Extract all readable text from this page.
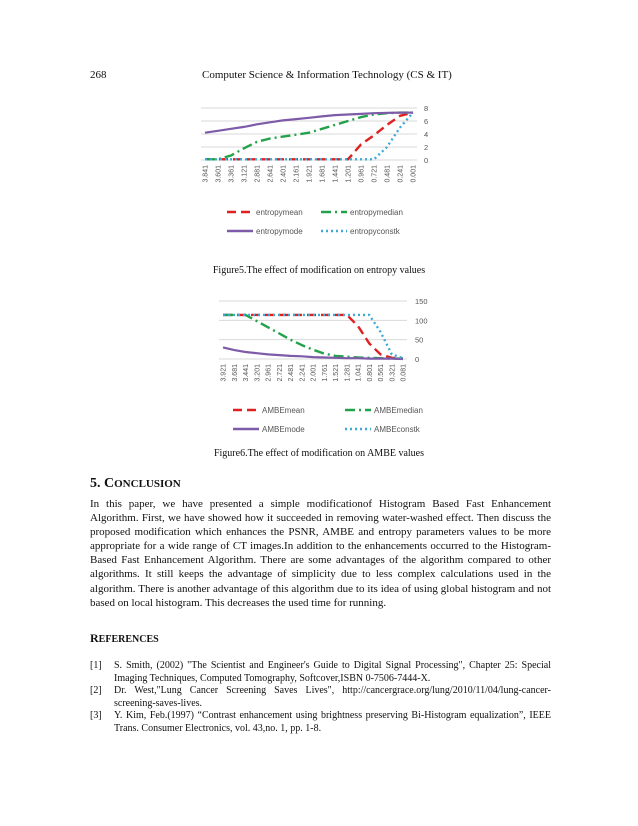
268	Computer Science & Information Technology (CS & IT)
0
2
4
6
8
3.841 3.601 3.361 3.121 2.881 2.641 2.401 2.161 1.921 1.681 1.441 1.201 0.961 0.721 0.481 0.241 0.001
entropymean	entropymedian
entropymode	entropyconstk
Figure5.The effect of modification on entropy values
0
50
100
150
3.921 3.681 3.441 3.201 2.961 2.721 2.481 2.241 2.001 1.761 1.521 1.281 1.041 0.801 0.561 0.321 0.081
AMBEmean	AMBEmedian
AMBEmode	AMBEconstk
Figure6.The effect of modification on AMBE values
5. CONCLUSION

In this paper, we have presented a simple modificationof Histogram Based Fast Enhancement Algorithm. First, we have showed how it succeeded in removing water-washed effect. Then discuss the proposed modification which enhances the PSNR, AMBE and entropy parameters values to be more appropriate for a wide range of CT images.In addition to the enhancements occurred to the Histogram-Based Fast Enhancement Algorithm. There are some advantages of the algorithm compared to other algorithms. It still keeps the advantage of simplicity due to less complex calculations used in the algorithm. There is another advantage of this algorithm due to its idea of using global histogram and not based on local histogram. This decreases the used time for running.

REFERENCES
[1]	S. Smith, (2002) "The Scientist and Engineer's Guide to Digital Signal Processing", Chapter 25: Special Imaging Techniques, Computed Tomography, Softcover,ISBN 0-7506-7444-X.
[2]	Dr. West,"Lung Cancer Screening Saves Lives", http://cancergrace.org/lung/2010/11/04/lung-cancer-screening-saves-lives.
[3]	Y. Kim, Feb.(1997) “Contrast enhancement using brightness preserving Bi-Histogram equalization”, IEEE Trans. Consumer Electronics, vol. 43,no. 1, pp. 1-8.
